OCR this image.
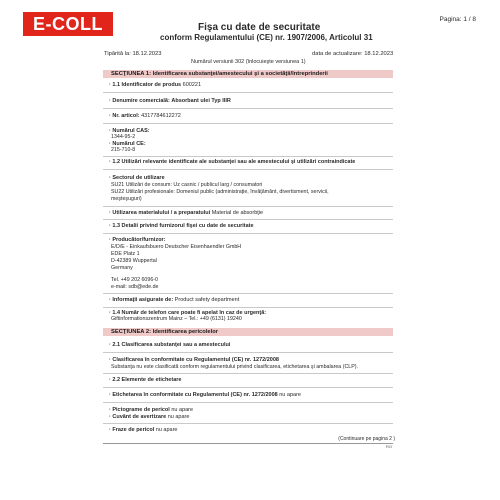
E-COLL	Pagina: 1 / 8
Fişa cu date de securitate
conform Regulamentului (CE) nr. 1907/2006, Articolul 31
Tipărită la: 18.12.2023	data de actualizare: 18.12.2023
Numărul versiunii 302 (înlocuieşte versiunea 1)
SECŢIUNEA 1: Identificarea substanţei/amestecului şi a societăţii/întreprinderii
· 1.1 Identificator de produs 600221
· Denumire comercială: Absorbant ulei Typ IIIR
· Nr. articol: 4317784612272
· Numărul CAS:
1344-95-2
· Numărul CE:
215-710-8
· 1.2 Utilizări relevante identificate ale substanţei sau ale amestecului şi utilizări contraindicate
· Sectorul de utilizare
SU21 Utilizări de consum: Uz casnic / publicul larg / consumatori
SU22 Utilizări profesionale: Domeniul public (administraţie, învăţământ, divertisment, servicii,
meşteşuguri)
· Utilizarea materialului / a preparatului Material de absorbţie
· 1.3 Detalii privind furnizorul fişei cu date de securitate
· Producător/furnizor:
E/D/E - Einkaufsbuero Deutscher Eisenhaendler GmbH
EDE Platz 1
D-42389 Wuppertal
Germany
Tel. +49 202 6096-0
e-mail: sdb@ede.de
· Informaţii asigurate de: Product safety department
· 1.4 Număr de telefon care poate fi apelat în caz de urgenţă:
Giftinformationszentrum Mainz – Tel.: +49 (6131) 19240
SECŢIUNEA 2: Identificarea pericolelor
· 2.1 Clasificarea substanţei sau a amestecului
· Clasificarea în conformitate cu Regulamentul (CE) nr. 1272/2008
Substanţa nu este clasificată conform regulamentului privind clasificarea, etichetarea şi ambalarea (CLP).
· 2.2 Elemente de etichetare
· Etichetarea în conformitate cu Regulamentul (CE) nr. 1272/2008 nu apare
· Pictograme de pericol nu apare
· Cuvânt de avertizare nu apare
· Fraze de pericol nu apare
(Continuare pe pagina 2 )
RO
